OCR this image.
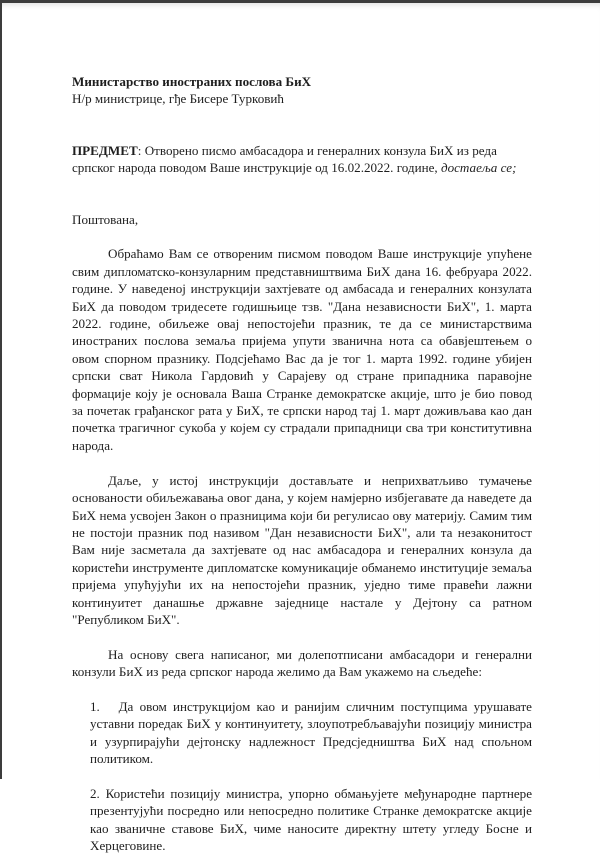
Министарство иностраних послова БиХ

Н/р министрице, гђе Бисере Турковић

ПРЕДМЕТ: Отворено писмо амбасадора и генералних конзула БиХ из реда српског народа поводом Ваше инструкције од 16.02.2022. године, достаеља се;

Поштована,

Обраћамо Вам се отвореним писмом поводом Ваше инструкције упућене свим дипломатско-конзуларним представништвима БиХ дана 16. фебруара 2022. године. У наведеној инструкцији захтјевате од амбасада и генералних конзулата БиХ да поводом тридесете годишњице тзв. "Дана независности БиХ", 1. марта 2022. године, обиљеже овај непостојећи празник, те да се министарствима иностраних послова земаља пријема упути званична нота са обавјештењем о овом спорном празнику. Подсјећамо Вас да је тог 1. марта 1992. године убијен српски сват Никола Гардовић у Сарајеву од стране припадника паравојне формације коју је основала Ваша Странке демократске акције, што је био повод за почетак грађанског рата у БиХ, те српски народ тај 1. март доживљава као дан почетка трагичног сукоба у којем су страдали припадници сва три конститутивна народа.

Даље, у истој инструкцији достављате и неприхватљиво тумачење основаности обиљежавања овог дана, у којем намјерно избјегавате да наведете да БиХ нема усвојен Закон о празницима који би регулисао ову материју. Самим тим не постоји празник под називом "Дан независности БиХ", али та незаконитост Вам није засметала да захтјевате од нас амбасадора и генералних конзула да користећи инструменте дипломатске комуникације обманемо институције земаља пријема упућујући их на непостојећи празник, уједно тиме правећи лажни континуитет данашње државне заједнице настале у Дејтону са ратном "Републиком БиХ".

На основу свега написаног, ми долепотписани амбасадори и генерални конзули БиХ из реда српског народа желимо да Вам укажемо на сљедеће:

1. Да овом инструкцијом као и ранијим сличним поступцима урушавате уставни поредак БиХ у континуитету, злоупотребљавајући позицију министра и узурпирајући дејтонску надлежност Предсједништва БиХ над спољном политиком.

2. Користећи позицију министра, упорно обмањујете међународне партнере презентујући посредно или непосредно политике Странке демократске акције као званичне ставове БиХ, чиме наносите директну штету угледу Босне и Херцеговине.
